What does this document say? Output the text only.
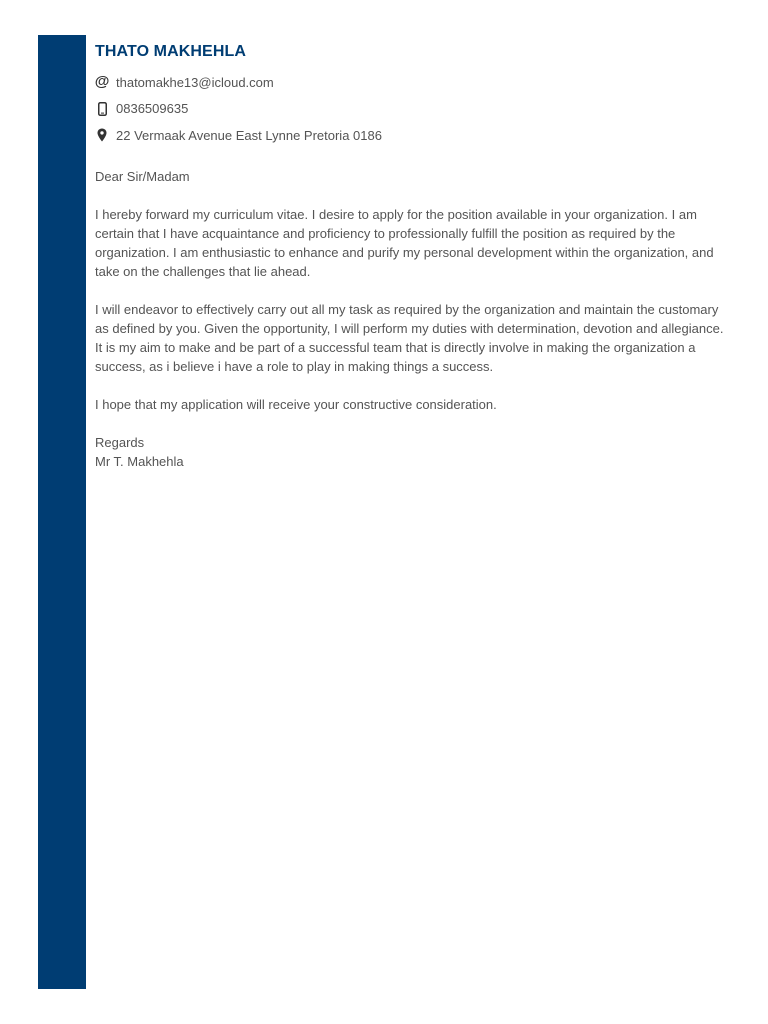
THATO MAKHEHLA
@ thatomakhe13@icloud.com
0836509635
22 Vermaak Avenue East Lynne Pretoria 0186

Dear Sir/Madam

I hereby forward my curriculum vitae. I desire to apply for the position available in your organization. I am certain that I have acquaintance and proficiency to professionally fulfill the position as required by the organization. I am enthusiastic to enhance and purify my personal development within the organization, and take on the challenges that lie ahead.

I will endeavor to effectively carry out all my task as required by the organization and maintain the customary as defined by you. Given the opportunity, I will perform my duties with determination, devotion and allegiance. It is my aim to make and be part of a successful team that is directly involve in making the organization a success, as i believe i have a role to play in making things a success.

I hope that my application will receive your constructive consideration.

Regards

Mr T. Makhehla
